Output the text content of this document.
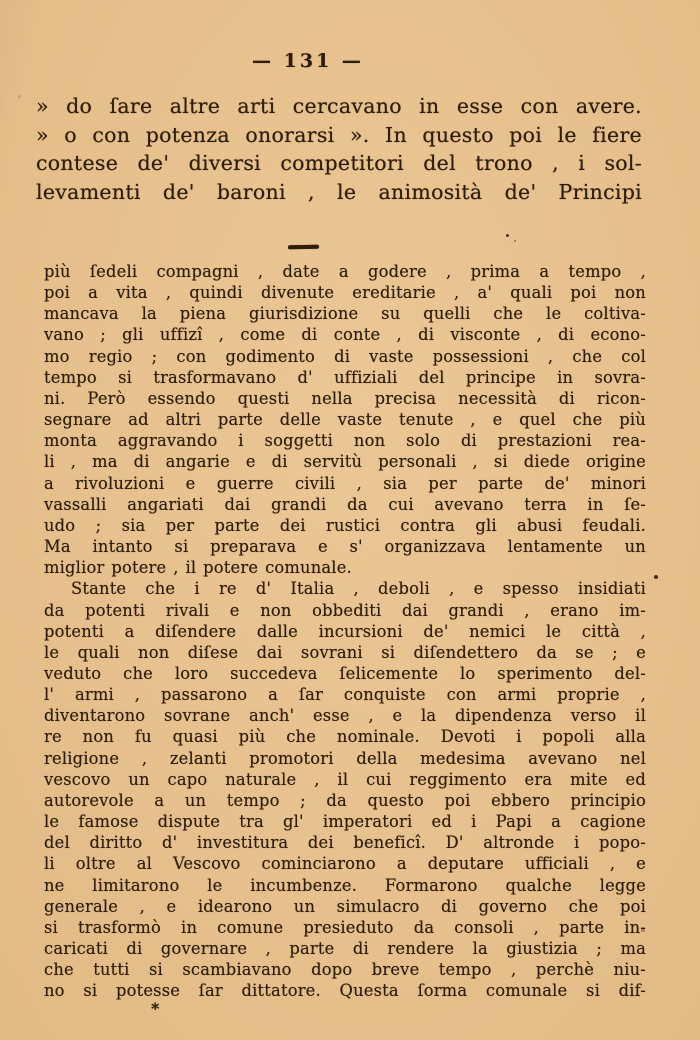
— 131 —
» do ſare altre arti cercavano in esse con avere.
» o con potenza onorarsi ». In questo poi le fiere
contese de' diversi competitori del trono , i sol-
levamenti de' baroni , le animosità de' Principi
più ſedeli compagni , date a godere , prima a tempo ,
poi a vita , quindi divenute ereditarie , a' quali poi non
mancava la piena giurisdizione su quelli che le coltiva-
vano ; gli uffizî , come di conte , di visconte , di econo-
mo regio ; con godimento di vaste possessioni , che col
tempo si trasformavano d' uffiziali del principe in sovra-
ni. Però essendo questi nella precisa necessità di ricon-
segnare ad altri parte delle vaste tenute , e quel che più
monta aggravando i soggetti non solo di prestazioni rea-
li , ma di angarie e di servitù personali , si diede origine
a rivoluzioni e guerre civili , sia per parte de' minori
vassalli angariati dai grandi da cui avevano terra in ſe-
udo ; sia per parte dei rustici contra gli abusi feudali.
Ma intanto si preparava e s' organizzava lentamente un
miglior potere , il potere comunale.
Stante che i re d' Italia , deboli , e spesso insidiati
da potenti rivali e non obbediti dai grandi , erano im-
potenti a diſendere dalle incursioni de' nemici le città ,
le quali non diſese dai sovrani si diſendettero da se ; e
veduto che loro succedeva ſelicemente lo sperimento del-
l' armi , passarono a ſar conquiste con armi proprie ,
diventarono sovrane anch' esse , e la dipendenza verso il
re non fu quasi più che nominale. Devoti i popoli alla
religione , zelanti promotori della medesima avevano nel
vescovo un capo naturale , il cui reggimento era mite ed
autorevole a un tempo ; da questo poi ebbero principio
le famose dispute tra gl' imperatori ed i Papi a cagione
del diritto d' investitura dei beneficî. D' altronde i popo-
li oltre al Vescovo cominciarono a deputare ufficiali , e
ne limitarono le incumbenze. Formarono qualche legge
generale , e idearono un simulacro di governo che poi
si trasformò in comune presieduto da consoli , parte in-
caricati di governare , parte di rendere la giustizia ; ma
che tutti si scambiavano dopo breve tempo , perchè niu-
no si potesse ſar dittatore. Questa ſorma comunale si dif-
*
